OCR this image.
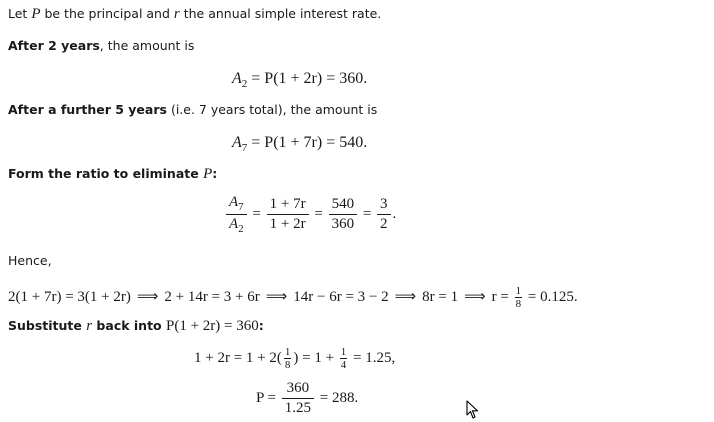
Let P be the principal and r the annual simple interest rate.
After 2 years, the amount is
$A_2 = P(1 + 2r) = 360$.
After a further 5 years (i.e. 7 years total), the amount is
$A_7 = P(1 + 7r) = 540$.
Form the ratio to eliminate P:
$\frac{A_7}{A_2} = \frac{1 + 7r}{1 + 2r} = \frac{540}{360} = \frac{3}{2}$ .
Hence,
2(1 + 7r) = 3(1 + 2r) ⟹ 2 + 14r = 3 + 6r ⟹ 14r − 6r = 3 − 2 ⟹ 8r = 1 ⟹ $r = \frac{1}{8} = 0.125$.
Substitute r back into P(1 + 2r) = 360:
$1 + 2r = 1 + 2( \frac{1}{8}$ ) = $1 + \frac{1}{4} = 1.25$,
$P = \frac{360}{1.25} = 288$.
